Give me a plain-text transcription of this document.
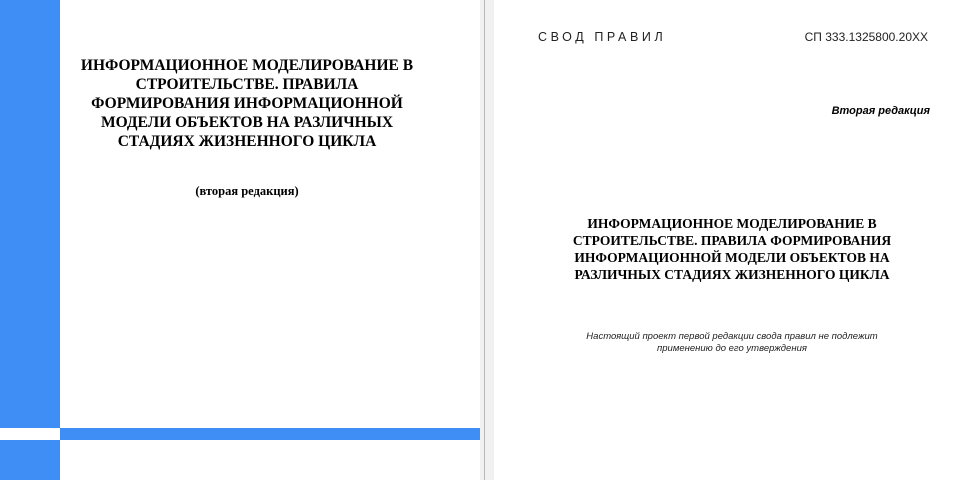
ИНФОРМАЦИОННОЕ МОДЕЛИРОВАНИЕ В
СТРОИТЕЛЬСТВЕ. ПРАВИЛА
ФОРМИРОВАНИЯ ИНФОРМАЦИОННОЙ
МОДЕЛИ ОБЪЕКТОВ НА РАЗЛИЧНЫХ
СТАДИЯХ ЖИЗНЕННОГО ЦИКЛА
(вторая редакция)
СВОД ПРАВИЛ	СП 333.1325800.20ХХ
Вторая редакция
ИНФОРМАЦИОННОЕ МОДЕЛИРОВАНИЕ В
СТРОИТЕЛЬСТВЕ. ПРАВИЛА ФОРМИРОВАНИЯ
ИНФОРМАЦИОННОЙ МОДЕЛИ ОБЪЕКТОВ НА
РАЗЛИЧНЫХ СТАДИЯХ ЖИЗНЕННОГО ЦИКЛА
Настоящий проект первой редакции свода правил не подлежит
применению до его утверждения
